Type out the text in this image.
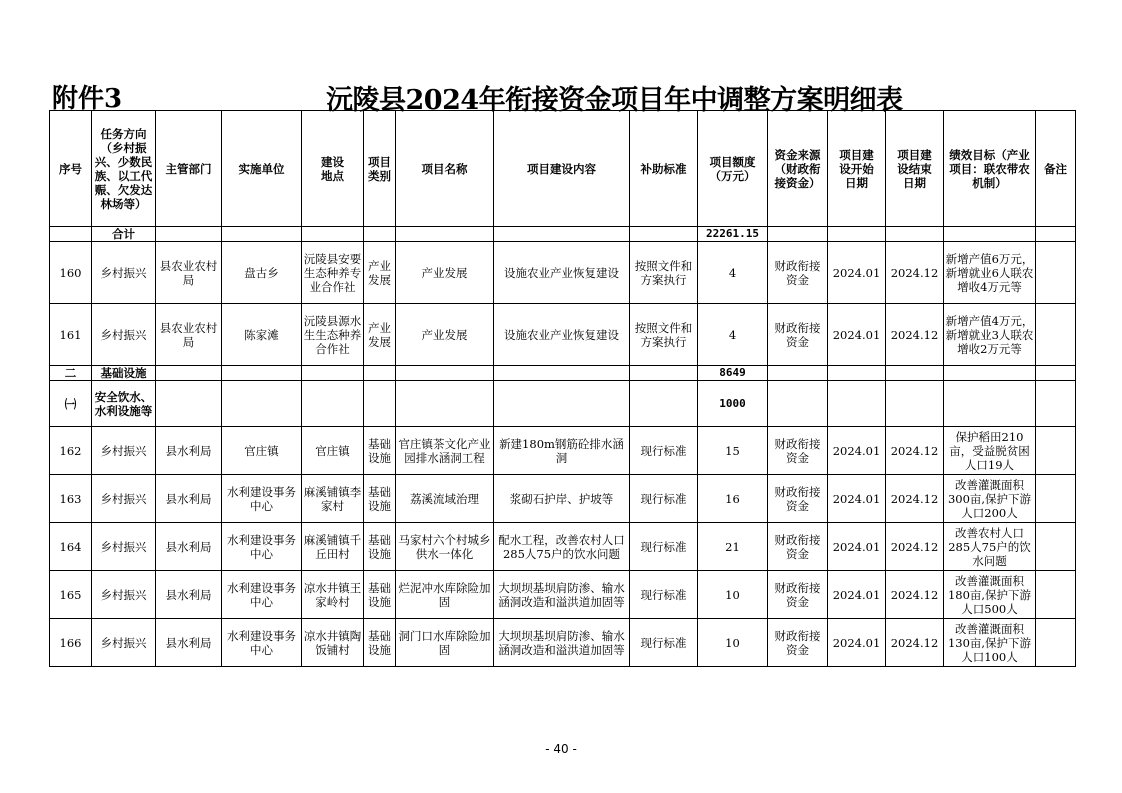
附件3	沅陵县2024年衔接资金项目年中调整方案明细表
序号	任务方向（乡村振兴、少数民族、以工代赈、欠发达林场等）	主管部门	实施单位	建设地点	项目类别	项目名称	项目建设内容	补助标准	项目额度（万元）	资金来源（财政衔接资金）	项目建设开始日期	项目建设结束日期	绩效目标（产业项目：联农带农机制）	备注
	合计								22261.15					
160	乡村振兴	县农业农村局	盘古乡	沅陵县安要生态种养专业合作社	产业发展	产业发展	设施农业产业恢复建设	按照文件和方案执行	4	财政衔接资金	2024.01	2024.12	新增产值6万元，新增就业6人联农增收4万元等	
161	乡村振兴	县农业农村局	陈家滩	沅陵县源水生生态种养合作社	产业发展	产业发展	设施农业产业恢复建设	按照文件和方案执行	4	财政衔接资金	2024.01	2024.12	新增产值4万元，新增就业3人联农增收2万元等	
二	基础设施								8649					
㈠	安全饮水、水利设施等								1000					
162	乡村振兴	县水利局	官庄镇	官庄镇	基础设施	官庄镇茶文化产业园排水涵洞工程	新建180m钢筋砼排水涵洞	现行标准	15	财政衔接资金	2024.01	2024.12	保护稻田210亩，受益脱贫困人口19人	
163	乡村振兴	县水利局	水利建设事务中心	麻溪铺镇李家村	基础设施	荔溪流域治理	浆砌石护岸、护坡等	现行标准	16	财政衔接资金	2024.01	2024.12	改善灌溉面积300亩,保护下游人口200人	
164	乡村振兴	县水利局	水利建设事务中心	麻溪铺镇千丘田村	基础设施	马家村六个村城乡供水一体化	配水工程，改善农村人口285人75户的饮水问题	现行标准	21	财政衔接资金	2024.01	2024.12	改善农村人口285人75户的饮水问题	
165	乡村振兴	县水利局	水利建设事务中心	凉水井镇王家岭村	基础设施	烂泥冲水库除险加固	大坝坝基坝肩防渗、输水涵洞改造和溢洪道加固等	现行标准	10	财政衔接资金	2024.01	2024.12	改善灌溉面积180亩,保护下游人口500人	
166	乡村振兴	县水利局	水利建设事务中心	凉水井镇陶饭铺村	基础设施	洞门口水库除险加固	大坝坝基坝肩防渗、输水涵洞改造和溢洪道加固等	现行标准	10	财政衔接资金	2024.01	2024.12	改善灌溉面积130亩,保护下游人口100人	
- 40 -
